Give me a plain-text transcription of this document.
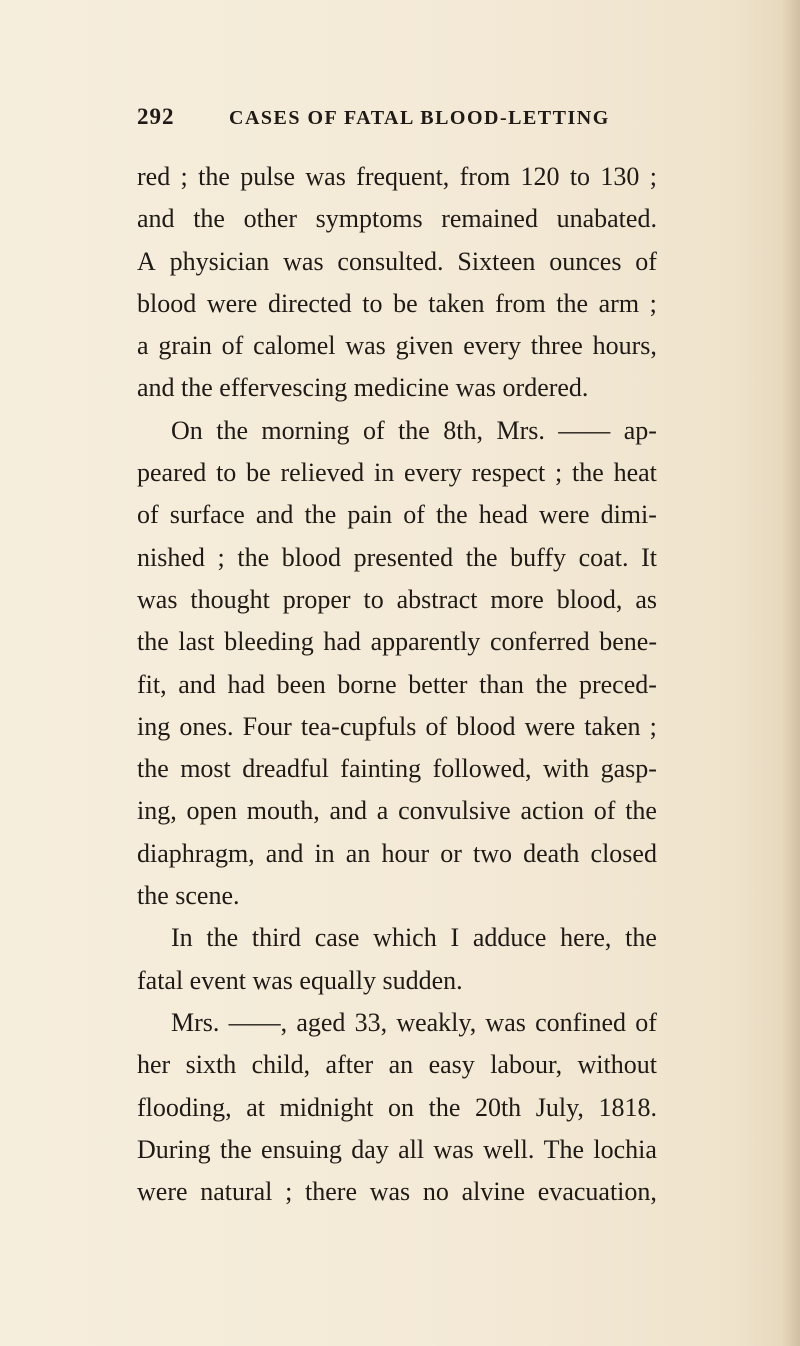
292	CASES OF FATAL BLOOD-LETTING
red ; the pulse was frequent, from 120 to 130 ;
and the other symptoms remained unabated.
A physician was consulted. Sixteen ounces of
blood were directed to be taken from the arm ;
a grain of calomel was given every three hours,
and the effervescing medicine was ordered.
On the morning of the 8th, Mrs. —— ap-
peared to be relieved in every respect ; the heat
of surface and the pain of the head were dimi-
nished ; the blood presented the buffy coat. It
was thought proper to abstract more blood, as
the last bleeding had apparently conferred bene-
fit, and had been borne better than the preced-
ing ones. Four tea-cupfuls of blood were taken ;
the most dreadful fainting followed, with gasp-
ing, open mouth, and a convulsive action of the
diaphragm, and in an hour or two death closed
the scene.
In the third case which I adduce here, the
fatal event was equally sudden.
Mrs. ——, aged 33, weakly, was confined of
her sixth child, after an easy labour, without
flooding, at midnight on the 20th July, 1818.
During the ensuing day all was well. The lochia
were natural ; there was no alvine evacuation,
